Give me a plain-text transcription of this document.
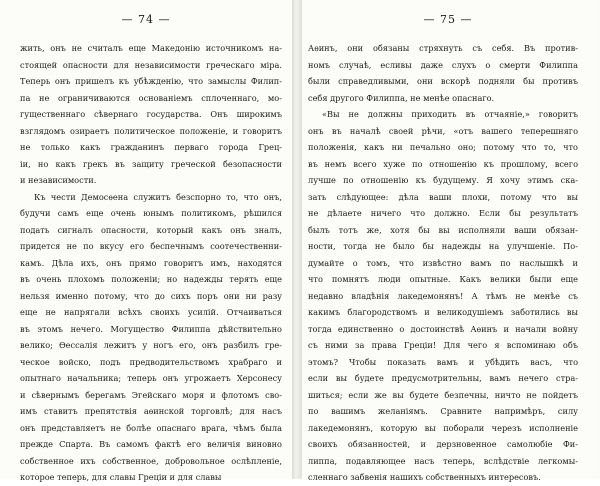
— 74 —
жить, онъ не считалъ еще Македонію источникомъ на-
стоящей опасности для независимости греческаго міра.
Теперь онъ пришелъ къ убѣжденію, что замыслы Филип-
па не ограничиваются основаніемъ сплоченнаго, мо-
гущественнаго сѣвернаго государства. Онъ широкимъ
взглядомъ озираетъ политическое положеніе, и говоритъ
не только какъ гражданинъ перваго города Грец-
іи, но какъ грекъ въ защиту греческой безопасности
и независимости.
Къ чести Демосѳена служитъ безспорно то, что онъ,
будучи самъ еще очень юнымъ политикомъ, рѣшился
подать сигналъ опасности, который какъ онъ зналъ,
придется не по вкусу его беспечнымъ соотечественни-
камъ. Дѣла ихъ, онъ прямо говоритъ имъ, находятся
въ очень плохомъ положеніи; но надежды терять еще
нельзя именно потому, что до сихъ поръ они ни разу
еще не напрягали всѣхъ своихъ усилій. Отчаиваться
въ этомъ нечего. Могущество Филиппа дѣйствительно
велико; Ѳессалія лежитъ у ногъ его, онъ разбилъ гре-
ческое войско, подъ предводительствомъ храбраго и
опытнаго начальника; теперь онъ угрожаетъ Херсонесу
и сѣвернымъ берегамъ Эгейскаго моря и флотомъ сво-
имъ ставитъ препятствія аѳинской торговлѣ; для насъ
онъ представляетъ не болѣе опаснаго врага, чѣмъ была
прежде Спарта. Въ самомъ фактѣ его величія виновно
собственное ихъ собственное, добровольное ослѣпленіе,
которое теперь, для славы Греціи и для славы
— 75 —
Аѳинъ, они обязаны стряхнуть съ себя. Въ против-
номъ случаѣ, есливы даже слухъ о смерти Филиппа
были справедливыми, они вскорѣ подняли бы противъ
себя другого Филиппа, не менѣе опаснаго.
«Вы не должны приходить въ отчаяніе,» говоритъ
онъ въ началѣ своей рѣчи, «отъ вашего теперешняго
положенія, какъ ни печально оно; потому что то, что
въ немъ всего хуже по отношенію къ прошлому, всего
лучше по отношенію къ будущему. Я хочу этимъ ска-
зать слѣдующее: дѣла ваши плохи, потому что вы
не дѣлаете ничего что должно. Если бы результатъ
былъ тотъ же, хотя бы вы исполняли ваши обязан-
ности, тогда не было бы надежды на улучшеніе. По-
думайте о томъ, что извѣстно вамъ по наслышкѣ и
что помнятъ люди опытные. Какъ велики были еще
недавно владѣнія лакедемонянъ! А тѣмъ не менѣе съ
какимъ благородствомъ и великодушіемъ заботились вы
тогда единственно о достоинствѣ Аѳинъ и начали войну
съ ними за права Греціи! Для чего я вспоминаю объ
этомъ? Чтобы показать вамъ и убѣдить васъ, что
если вы будете предусмотрительны, вамъ нечего стра-
шиться; если же вы будете безпечны, ничто не пойдетъ
по вашимъ желаніямъ. Сравните напримѣръ, силу
лакедемонянъ, которую вы поборали черезъ исполненіе
своихъ обязанностей, и дерзновенное самолюбіе Фи-
липпа, подавляющее насъ теперь, вслѣдствіе легкомы-
сленнаго забвенія нашихъ собственныхъ интересовъ.
